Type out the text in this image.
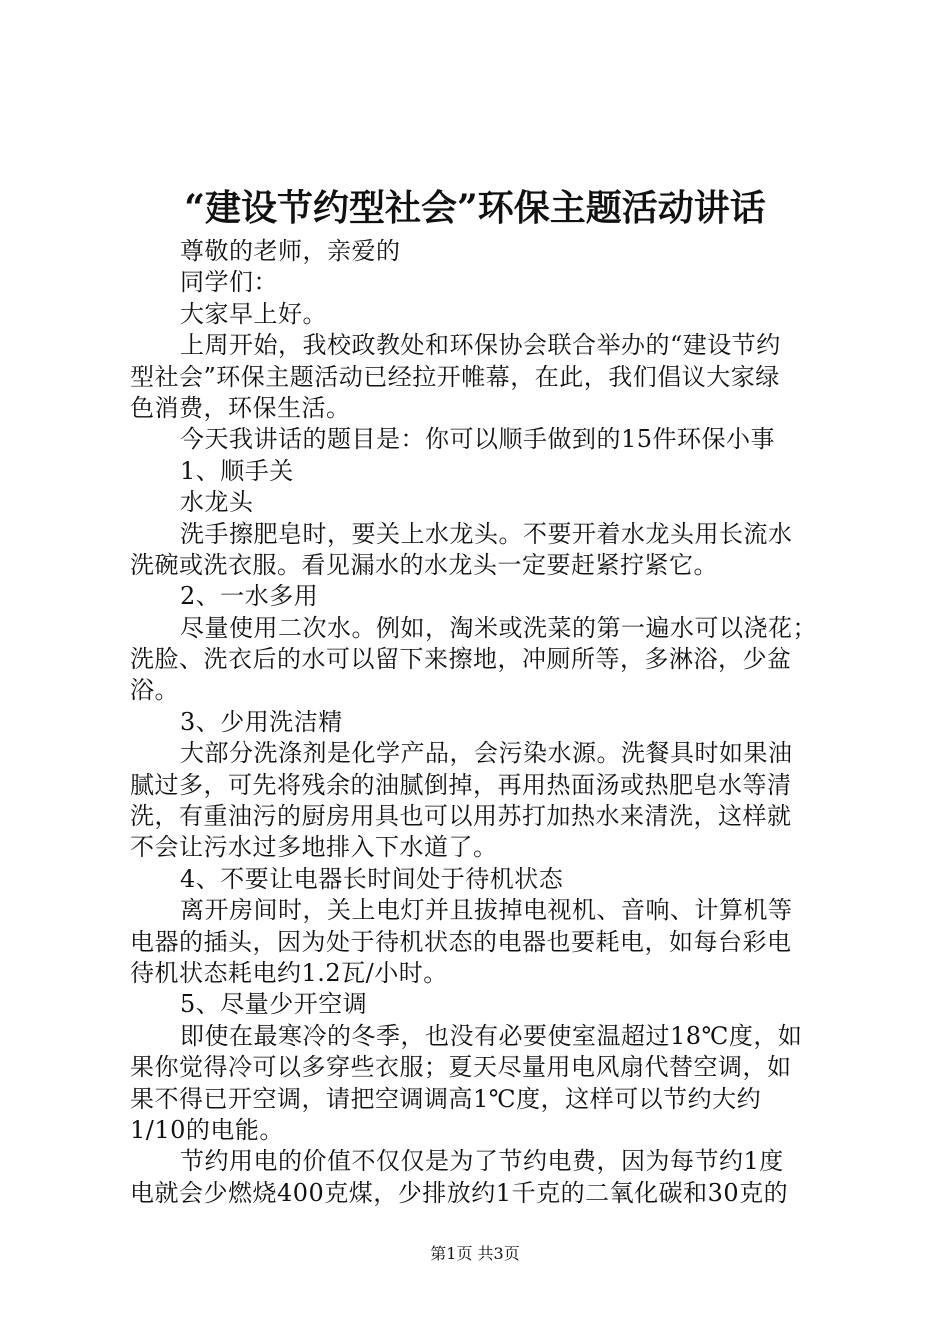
“建设节约型社会”环保主题活动讲话
尊敬的老师，亲爱的
同学们：
大家早上好。
上周开始，我校政教处和环保协会联合举办的“建设节约
型社会”环保主题活动已经拉开帷幕，在此，我们倡议大家绿
色消费，环保生活。
今天我讲话的题目是：你可以顺手做到的15件环保小事
1、顺手关
水龙头
洗手擦肥皂时，要关上水龙头。不要开着水龙头用长流水
洗碗或洗衣服。看见漏水的水龙头一定要赶紧拧紧它。
2、一水多用
尽量使用二次水。例如，淘米或洗菜的第一遍水可以浇花；
洗脸、洗衣后的水可以留下来擦地，冲厕所等，多淋浴，少盆
浴。
3、少用洗洁精
大部分洗涤剂是化学产品，会污染水源。洗餐具时如果油
腻过多，可先将残余的油腻倒掉，再用热面汤或热肥皂水等清
洗，有重油污的厨房用具也可以用苏打加热水来清洗，这样就
不会让污水过多地排入下水道了。
4、不要让电器长时间处于待机状态
离开房间时，关上电灯并且拔掉电视机、音响、计算机等
电器的插头，因为处于待机状态的电器也要耗电，如每台彩电
待机状态耗电约1.2瓦/小时。
5、尽量少开空调
即使在最寒冷的冬季，也没有必要使室温超过18℃度，如
果你觉得冷可以多穿些衣服；夏天尽量用电风扇代替空调，如
果不得已开空调，请把空调调高1℃度，这样可以节约大约
1/10的电能。
节约用电的价值不仅仅是为了节约电费，因为每节约1度
电就会少燃烧400克煤，少排放约1千克的二氧化碳和30克的
第1页 共3页
